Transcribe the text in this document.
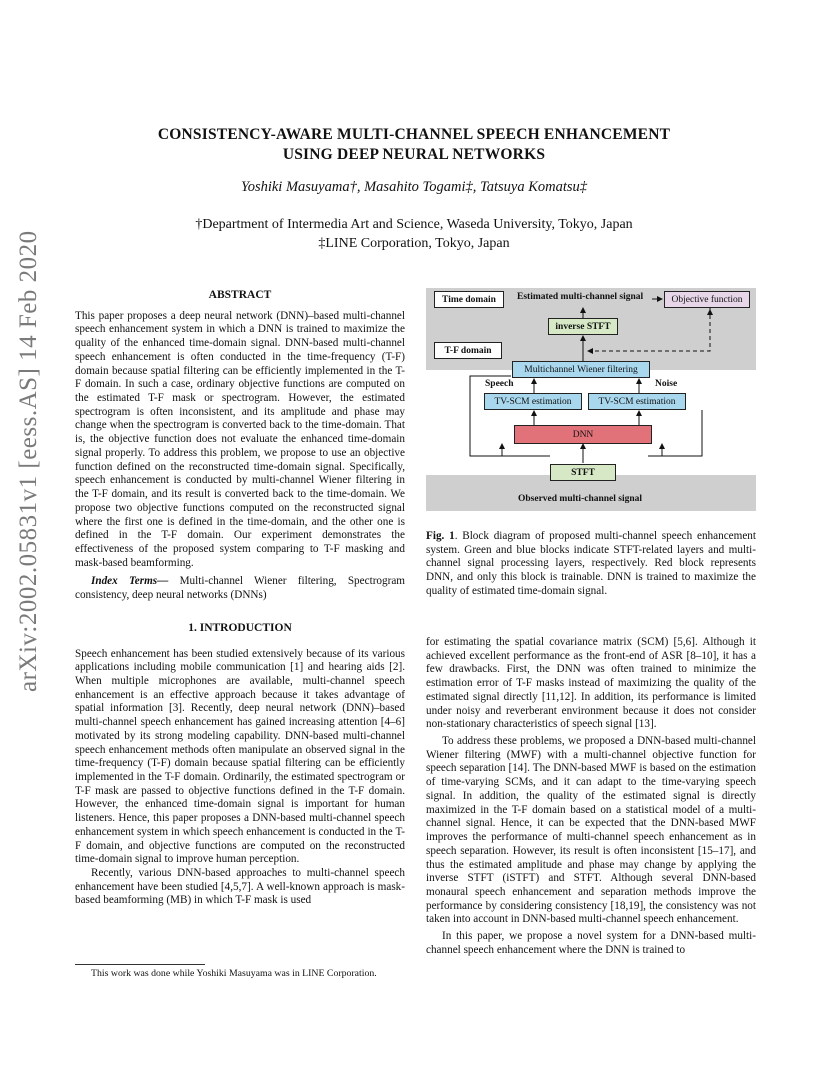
arXiv:2002.05831v1 [eess.AS] 14 Feb 2020
CONSISTENCY-AWARE MULTI-CHANNEL SPEECH ENHANCEMENT
USING DEEP NEURAL NETWORKS
Yoshiki Masuyama†, Masahito Togami‡, Tatsuya Komatsu‡
†Department of Intermedia Art and Science, Waseda University, Tokyo, Japan
‡LINE Corporation, Tokyo, Japan
ABSTRACT

This paper proposes a deep neural network (DNN)–based multi-channel speech enhancement system in which a DNN is trained to maximize the quality of the enhanced time-domain signal. DNN-based multi-channel speech enhancement is often conducted in the time-frequency (T-F) domain because spatial filtering can be efficiently implemented in the T-F domain. In such a case, ordinary objective functions are computed on the estimated T-F mask or spectrogram. However, the estimated spectrogram is often inconsistent, and its amplitude and phase may change when the spectrogram is converted back to the time-domain. That is, the objective function does not evaluate the enhanced time-domain signal properly. To address this problem, we propose to use an objective function defined on the reconstructed time-domain signal. Specifically, speech enhancement is conducted by multi-channel Wiener filtering in the T-F domain, and its result is converted back to the time-domain. We propose two objective functions computed on the reconstructed signal where the first one is defined in the time-domain, and the other one is defined in the T-F domain. Our experiment demonstrates the effectiveness of the proposed system comparing to T-F masking and mask-based beamforming.

Index Terms— Multi-channel Wiener filtering, Spectrogram consistency, deep neural networks (DNNs)

1. INTRODUCTION

Speech enhancement has been studied extensively because of its various applications including mobile communication [1] and hearing aids [2]. When multiple microphones are available, multi-channel speech enhancement is an effective approach because it takes advantage of spatial information [3]. Recently, deep neural network (DNN)–based multi-channel speech enhancement has gained increasing attention [4–6] motivated by its strong modeling capability. DNN-based multi-channel speech enhancement methods often manipulate an observed signal in the time-frequency (T-F) domain because spatial filtering can be efficiently implemented in the T-F domain. Ordinarily, the estimated spectrogram or T-F mask are passed to objective functions defined in the T-F domain. However, the enhanced time-domain signal is important for human listeners. Hence, this paper proposes a DNN-based multi-channel speech enhancement system in which speech enhancement is conducted in the T-F domain, and objective functions are computed on the reconstructed time-domain signal to improve human perception.

Recently, various DNN-based approaches to multi-channel speech enhancement have been studied [4,5,7]. A well-known approach is mask-based beamforming (MB) in which T-F mask is used

This work was done while Yoshiki Masuyama was in LINE Corporation.
Time domain	Estimated multi-channel signal	Objective function
inverse STFT
T-F domain
Multichannel Wiener filtering
Speech	Noise
TV-SCM estimation	TV-SCM estimation
DNN
STFT
Observed multi-channel signal
Fig. 1. Block diagram of proposed multi-channel speech enhancement system. Green and blue blocks indicate STFT-related layers and multi-channel signal processing layers, respectively. Red block represents DNN, and only this block is trainable. DNN is trained to maximize the quality of estimated time-domain signal.

for estimating the spatial covariance matrix (SCM) [5,6]. Although it achieved excellent performance as the front-end of ASR [8–10], it has a few drawbacks. First, the DNN was often trained to minimize the estimation error of T-F masks instead of maximizing the quality of the estimated signal directly [11,12]. In addition, its performance is limited under noisy and reverberant environment because it does not consider non-stationary characteristics of speech signal [13].

To address these problems, we proposed a DNN-based multi-channel Wiener filtering (MWF) with a multi-channel objective function for speech separation [14]. The DNN-based MWF is based on the estimation of time-varying SCMs, and it can adapt to the time-varying speech signal. In addition, the quality of the estimated signal is directly maximized in the T-F domain based on a statistical model of a multi-channel signal. Hence, it can be expected that the DNN-based MWF improves the performance of multi-channel speech enhancement as in speech separation. However, its result is often inconsistent [15–17], and thus the estimated amplitude and phase may change by applying the inverse STFT (iSTFT) and STFT. Although several DNN-based monaural speech enhancement and separation methods improve the performance by considering consistency [18,19], the consistency was not taken into account in DNN-based multi-channel speech enhancement.

In this paper, we propose a novel system for a DNN-based multi-channel speech enhancement where the DNN is trained to
